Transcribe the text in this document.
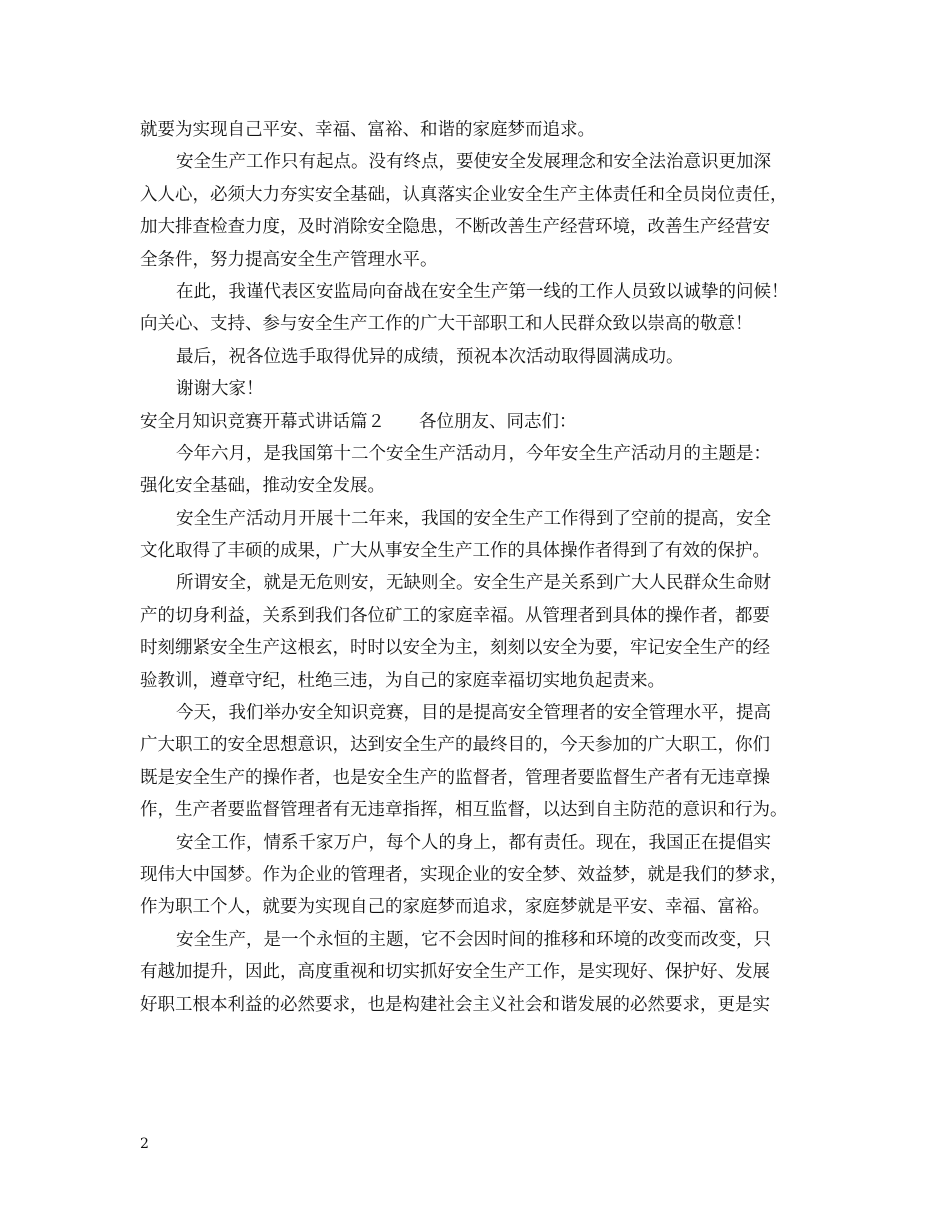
就要为实现自己平安、幸福、富裕、和谐的家庭梦而追求。
安全生产工作只有起点。没有终点，要使安全发展理念和安全法治意识更加深
入人心，必须大力夯实安全基础，认真落实企业安全生产主体责任和全员岗位责任，
加大排查检查力度，及时消除安全隐患，不断改善生产经营环境，改善生产经营安
全条件，努力提高安全生产管理水平。
在此，我谨代表区安监局向奋战在安全生产第一线的工作人员致以诚挚的问候！
向关心、支持、参与安全生产工作的广大干部职工和人民群众致以崇高的敬意！
最后，祝各位选手取得优异的成绩，预祝本次活动取得圆满成功。
谢谢大家！
安全月知识竞赛开幕式讲话篇２ 各位朋友、同志们：
今年六月，是我国第十二个安全生产活动月，今年安全生产活动月的主题是：
强化安全基础，推动安全发展。
安全生产活动月开展十二年来，我国的安全生产工作得到了空前的提高，安全
文化取得了丰硕的成果，广大从事安全生产工作的具体操作者得到了有效的保护。
所谓安全，就是无危则安，无缺则全。安全生产是关系到广大人民群众生命财
产的切身利益，关系到我们各位矿工的家庭幸福。从管理者到具体的操作者，都要
时刻绷紧安全生产这根玄，时时以安全为主，刻刻以安全为要，牢记安全生产的经
验教训，遵章守纪，杜绝三违，为自己的家庭幸福切实地负起责来。
今天，我们举办安全知识竞赛，目的是提高安全管理者的安全管理水平，提高
广大职工的安全思想意识，达到安全生产的最终目的，今天参加的广大职工，你们
既是安全生产的操作者，也是安全生产的监督者，管理者要监督生产者有无违章操
作，生产者要监督管理者有无违章指挥，相互监督，以达到自主防范的意识和行为。
安全工作，情系千家万户，每个人的身上，都有责任。现在，我国正在提倡实
现伟大中国梦。作为企业的管理者，实现企业的安全梦、效益梦，就是我们的梦求，
作为职工个人，就要为实现自己的家庭梦而追求，家庭梦就是平安、幸福、富裕。
安全生产，是一个永恒的主题，它不会因时间的推移和环境的改变而改变，只
有越加提升，因此，高度重视和切实抓好安全生产工作，是实现好、保护好、发展
好职工根本利益的必然要求，也是构建社会主义社会和谐发展的必然要求，更是实
2
